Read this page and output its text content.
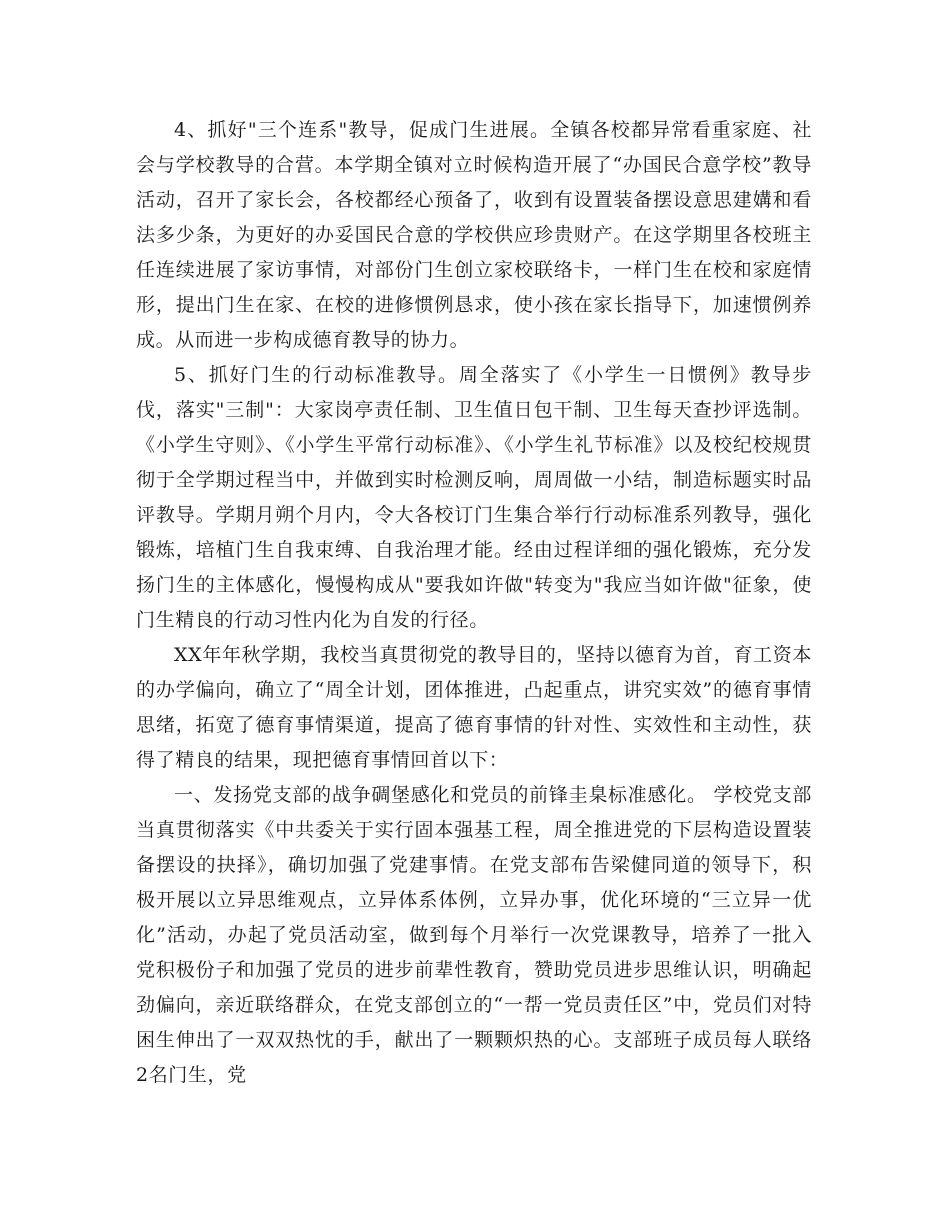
4、抓好"三个连系"教导，促成门生进展。全镇各校都异常看重家庭、社会与学校教导的合营。本学期全镇对立时候构造开展了“办国民合意学校”教导活动，召开了家长会，各校都经心预备了，收到有设置装备摆设意思建媾和看法多少条，为更好的办妥国民合意的学校供应珍贵财产。在这学期里各校班主任连续进展了家访事情，对部份门生创立家校联络卡，一样门生在校和家庭情形，提出门生在家、在校的进修惯例恳求，使小孩在家长指导下，加速惯例养成。从而进一步构成德育教导的协力。

5、抓好门生的行动标准教导。周全落实了《小学生一日惯例》教导步伐，落实"三制"：大家岗亭责任制、卫生值日包干制、卫生每天查抄评选制。《小学生守则》、《小学生平常行动标准》、《小学生礼节标准》以及校纪校规贯彻于全学期过程当中，并做到实时检测反响，周周做一小结，制造标题实时品评教导。学期月朔个月内，令大各校订门生集合举行行动标准系列教导，强化锻炼，培植门生自我束缚、自我治理才能。经由过程详细的强化锻炼，充分发扬门生的主体感化，慢慢构成从"要我如许做"转变为"我应当如许做"征象，使门生精良的行动习性内化为自发的行径。

XX年年秋学期，我校当真贯彻党的教导目的，坚持以德育为首，育工资本的办学偏向，确立了“周全计划，团体推进，凸起重点，讲究实效”的德育事情思绪，拓宽了德育事情渠道，提高了德育事情的针对性、实效性和主动性，获得了精良的结果，现把德育事情回首以下：

一、发扬党支部的战争碉堡感化和党员的前锋圭臬标准感化。 学校党支部当真贯彻落实《中共委关于实行固本强基工程，周全推进党的下层构造设置装备摆设的抉择》，确切加强了党建事情。在党支部布告梁健同道的领导下，积极开展以立异思维观点，立异体系体例，立异办事，优化环境的“三立异一优化”活动，办起了党员活动室，做到每个月举行一次党课教导，培养了一批入党积极份子和加强了党员的进步前辈性教育，赞助党员进步思维认识，明确起劲偏向，亲近联络群众，在党支部创立的“一帮一党员责任区”中，党员们对特困生伸出了一双双热忱的手，献出了一颗颗炽热的心。支部班子成员每人联络2名门生，党
